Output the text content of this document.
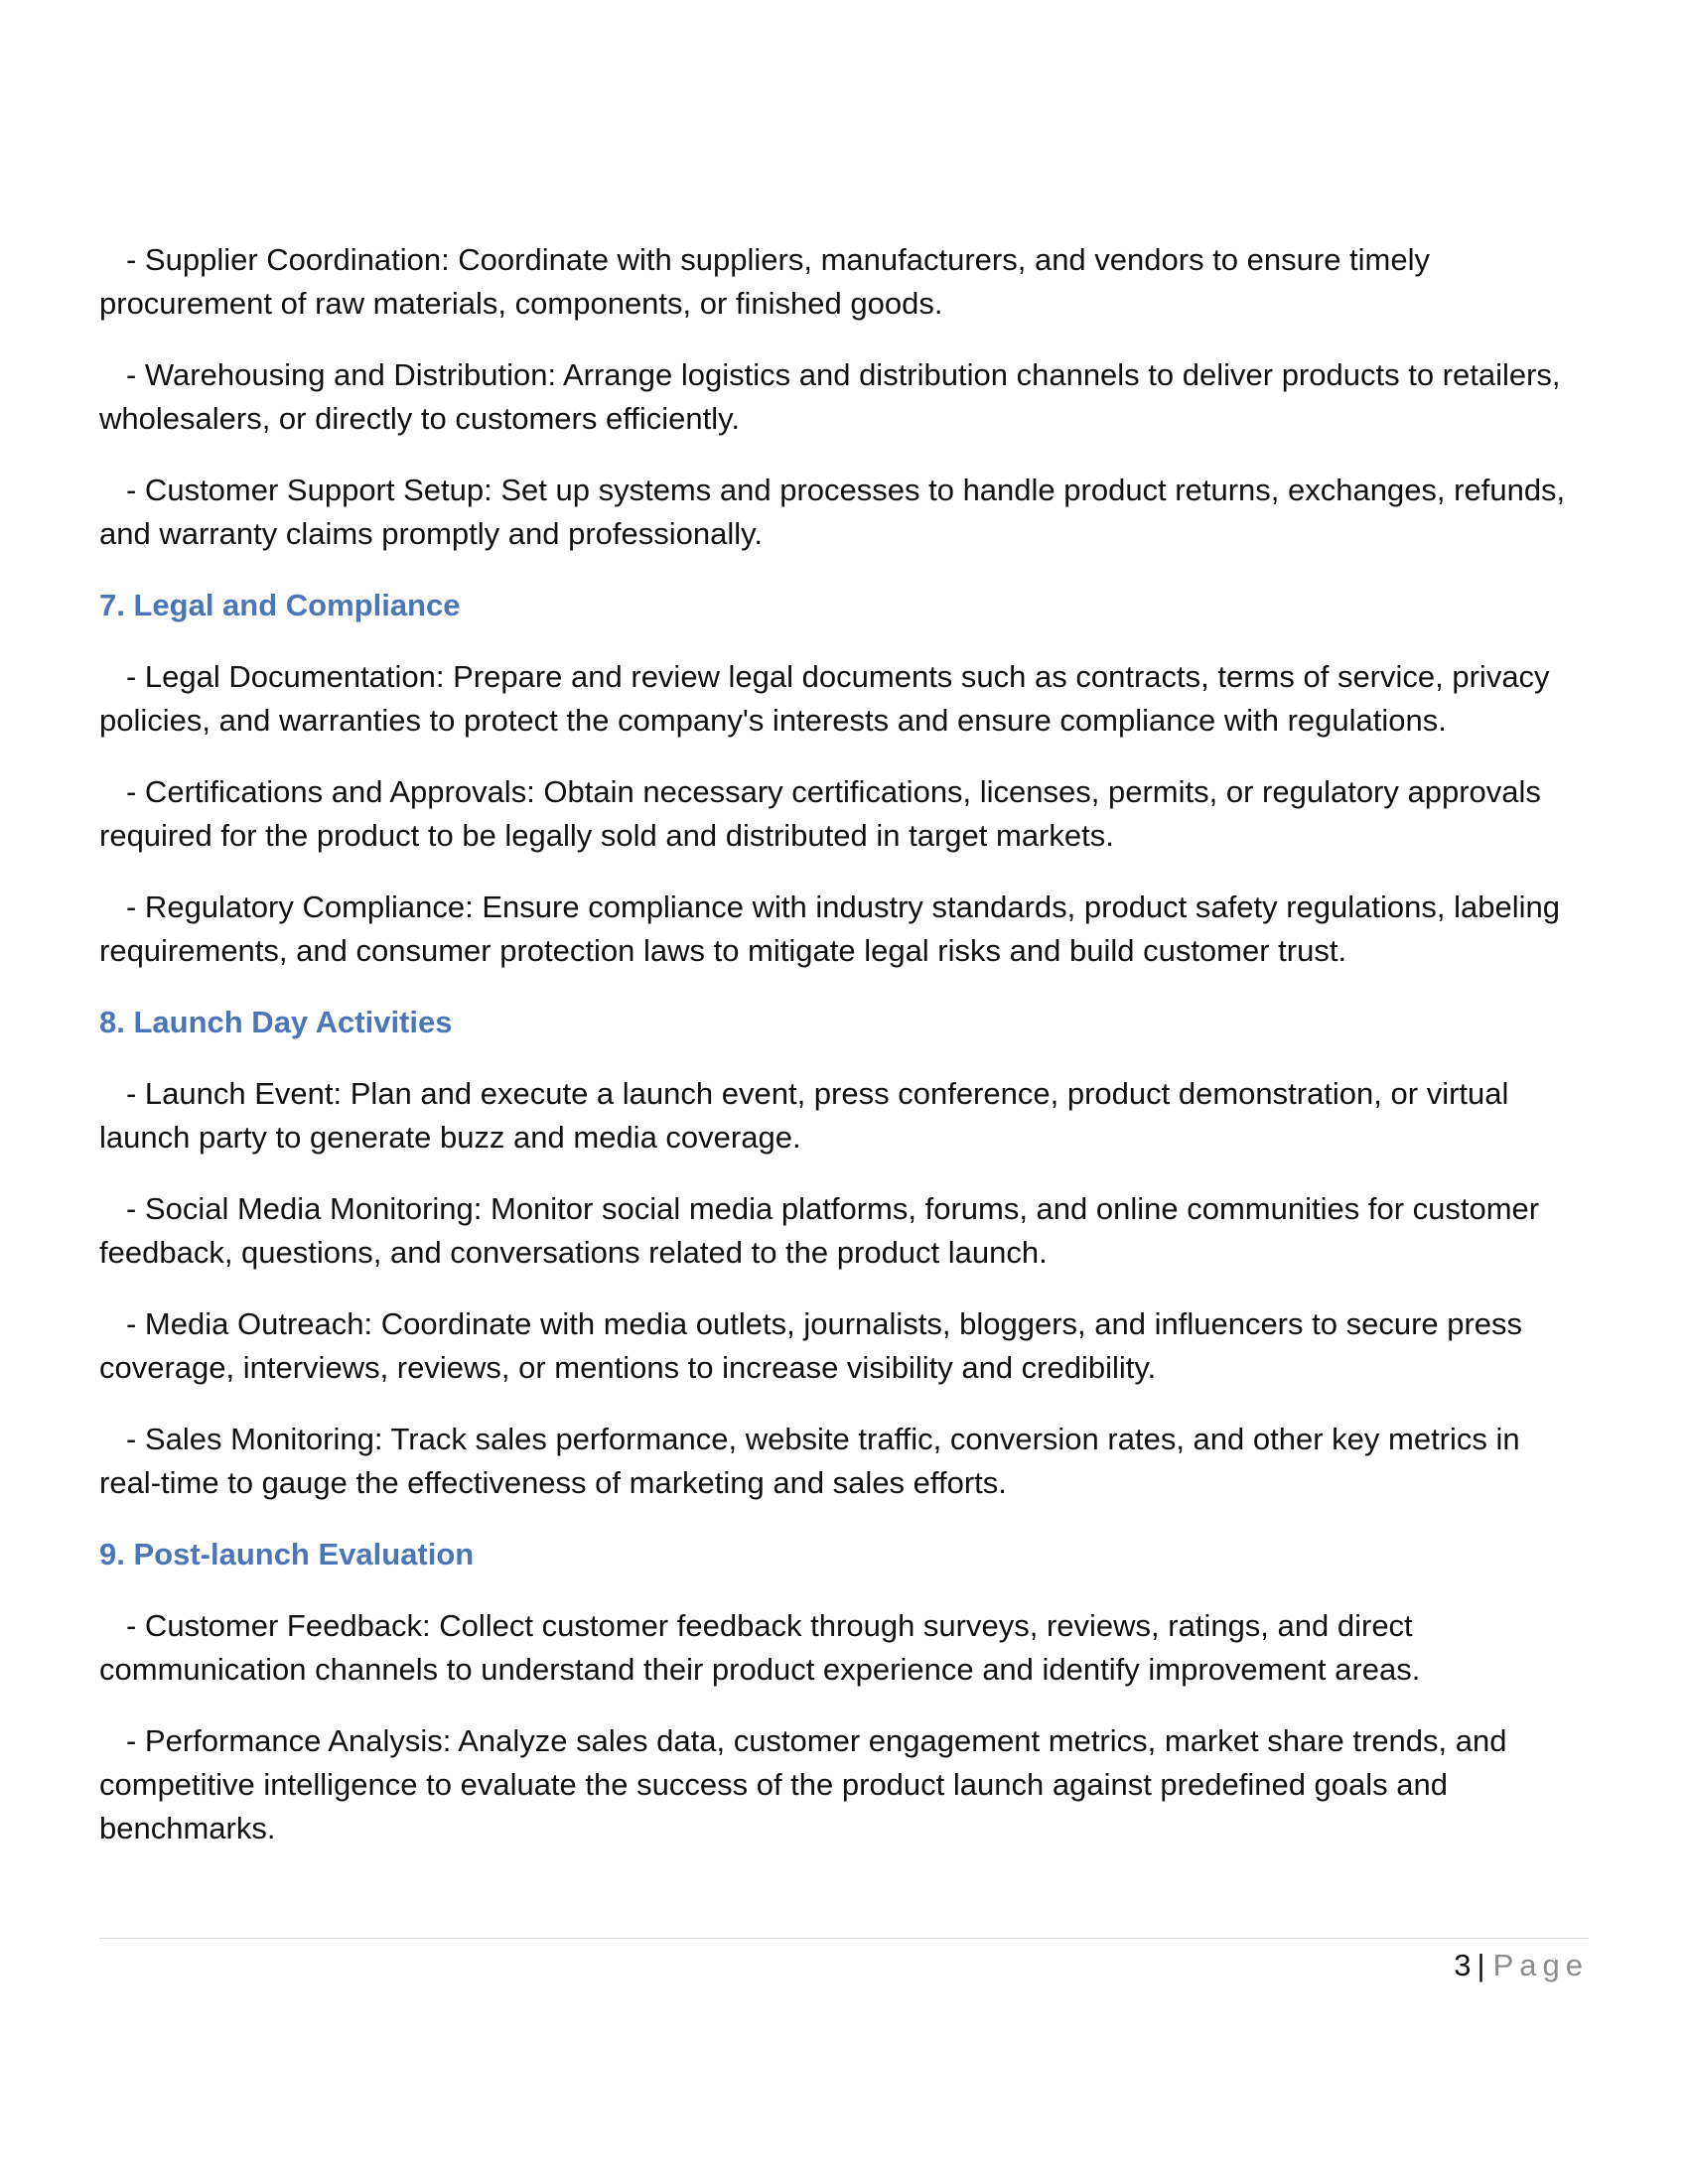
- Supplier Coordination: Coordinate with suppliers, manufacturers, and vendors to ensure timely procurement of raw materials, components, or finished goods.

- Warehousing and Distribution: Arrange logistics and distribution channels to deliver products to retailers, wholesalers, or directly to customers efficiently.

- Customer Support Setup: Set up systems and processes to handle product returns, exchanges, refunds, and warranty claims promptly and professionally.

7. Legal and Compliance

- Legal Documentation: Prepare and review legal documents such as contracts, terms of service, privacy policies, and warranties to protect the company's interests and ensure compliance with regulations.

- Certifications and Approvals: Obtain necessary certifications, licenses, permits, or regulatory approvals required for the product to be legally sold and distributed in target markets.

- Regulatory Compliance: Ensure compliance with industry standards, product safety regulations, labeling requirements, and consumer protection laws to mitigate legal risks and build customer trust.

8. Launch Day Activities

- Launch Event: Plan and execute a launch event, press conference, product demonstration, or virtual launch party to generate buzz and media coverage.

- Social Media Monitoring: Monitor social media platforms, forums, and online communities for customer feedback, questions, and conversations related to the product launch.

- Media Outreach: Coordinate with media outlets, journalists, bloggers, and influencers to secure press coverage, interviews, reviews, or mentions to increase visibility and credibility.

- Sales Monitoring: Track sales performance, website traffic, conversion rates, and other key metrics in real-time to gauge the effectiveness of marketing and sales efforts.

9. Post-launch Evaluation

- Customer Feedback: Collect customer feedback through surveys, reviews, ratings, and direct communication channels to understand their product experience and identify improvement areas.

- Performance Analysis: Analyze sales data, customer engagement metrics, market share trends, and competitive intelligence to evaluate the success of the product launch against predefined goals and benchmarks.

3 | Page
